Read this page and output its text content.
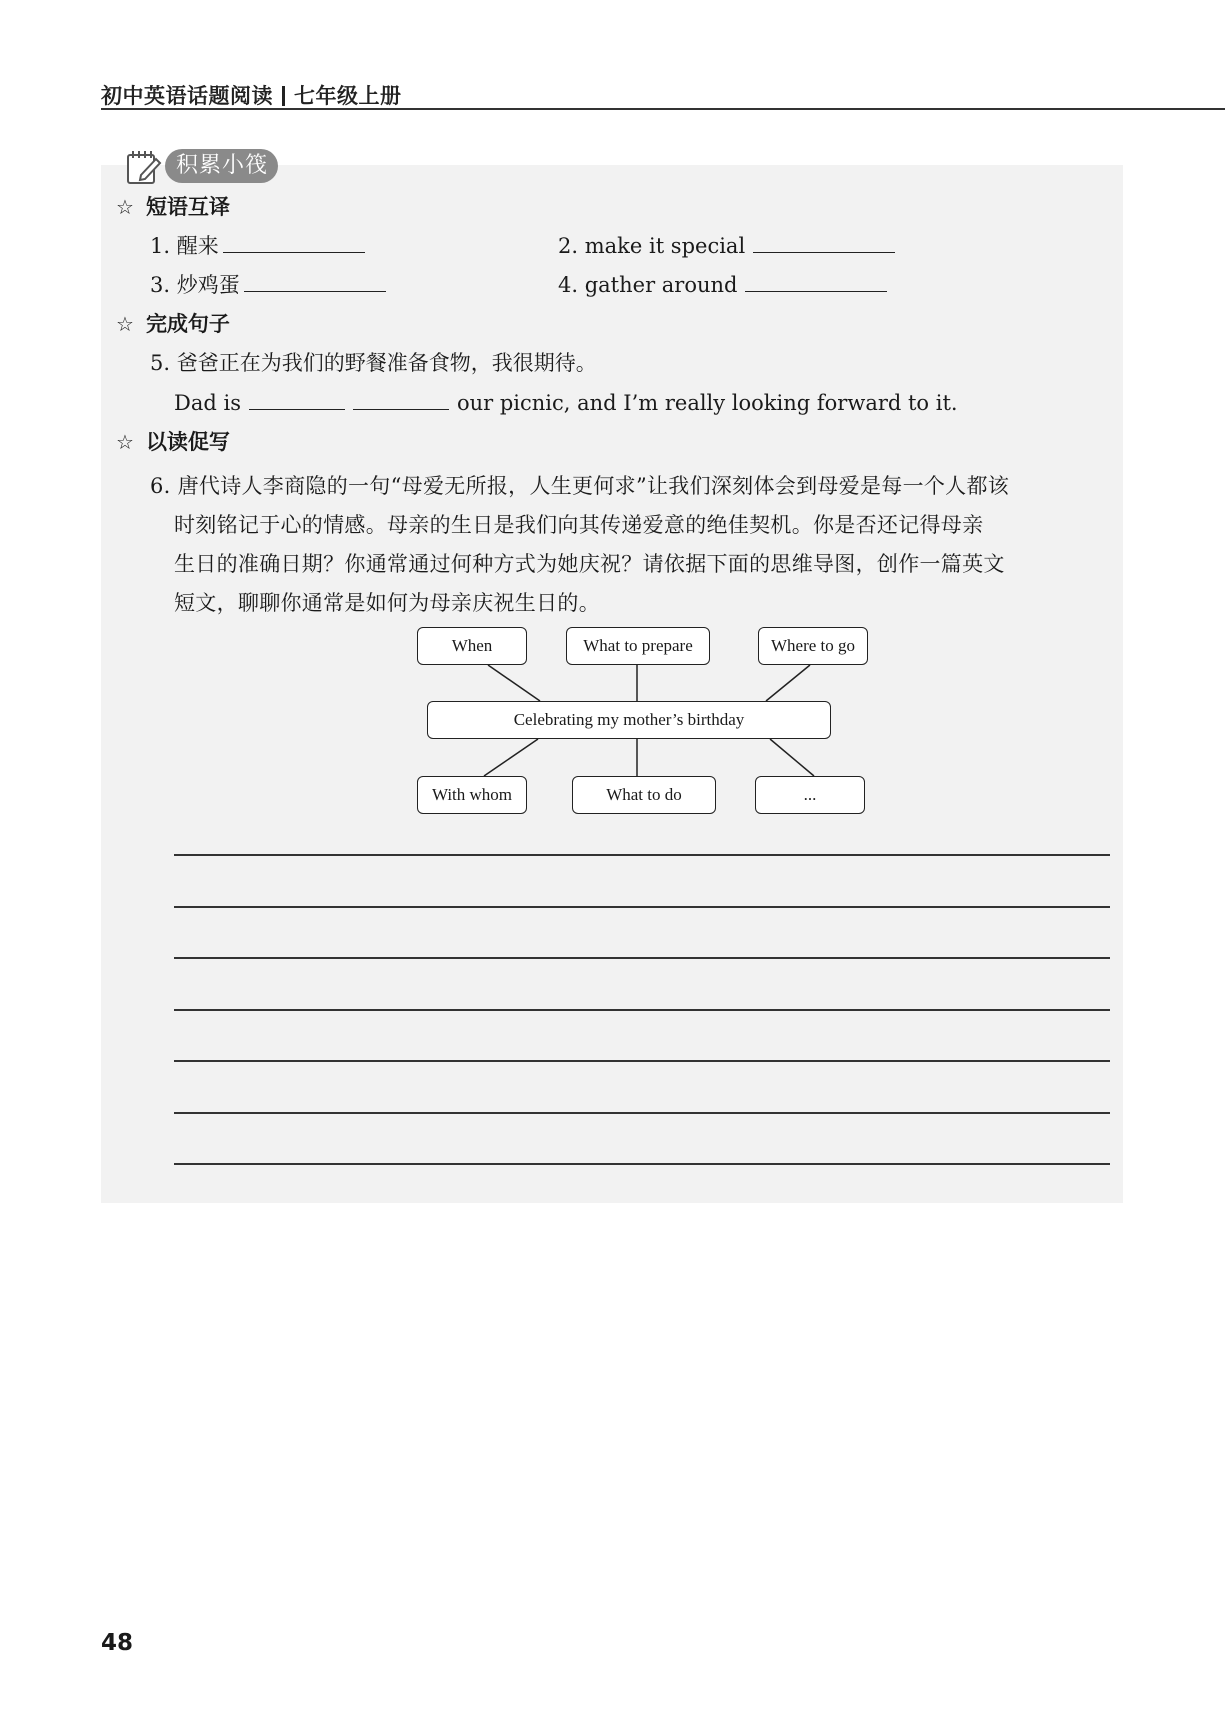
初中英语话题阅读 七年级上册
积累小筏
☆ 短语互译
1. 醒来	2. make it special
3. 炒鸡蛋	4. gather around
☆ 完成句子
5. 爸爸正在为我们的野餐准备食物，我很期待。
Dad is	our picnic, and I’m really looking forward to it.
☆ 以读促写
6. 唐代诗人李商隐的一句“母爱无所报，人生更何求”让我们深刻体会到母爱是每一个人都该
时刻铭记于心的情感。母亲的生日是我们向其传递爱意的绝佳契机。你是否还记得母亲
生日的准确日期？你通常通过何种方式为她庆祝？请依据下面的思维导图，创作一篇英文
短文，聊聊你通常是如何为母亲庆祝生日的。
When	What to prepare	Where to go
Celebrating my mother’s birthday
With whom	What to do	...
48
